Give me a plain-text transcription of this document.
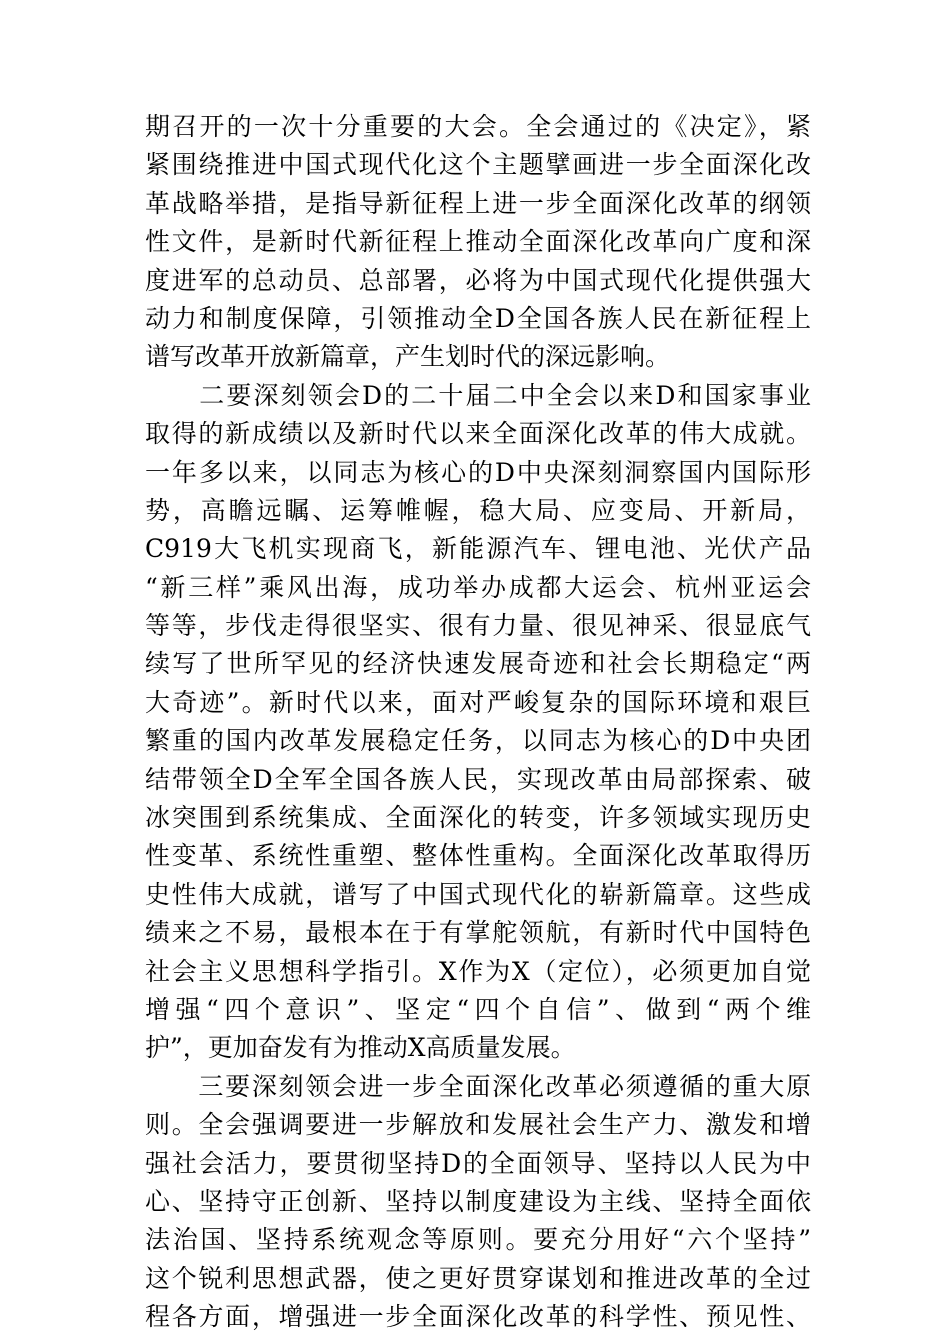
期召开的一次十分重要的大会。全会通过的《决定》，紧
紧围绕推进中国式现代化这个主题擘画进一步全面深化改
革战略举措，是指导新征程上进一步全面深化改革的纲领
性文件，是新时代新征程上推动全面深化改革向广度和深
度进军的总动员、总部署，必将为中国式现代化提供强大
动力和制度保障，引领推动全D全国各族人民在新征程上
谱写改革开放新篇章，产生划时代的深远影响。
　　二要深刻领会D的二十届二中全会以来D和国家事业
取得的新成绩以及新时代以来全面深化改革的伟大成就。
一年多以来，以同志为核心的D中央深刻洞察国内国际形
势，高瞻远瞩、运筹帷幄，稳大局、应变局、开新局，
C919大飞机实现商飞，新能源汽车、锂电池、光伏产品
“新三样”乘风出海，成功举办成都大运会、杭州亚运会
等等，步伐走得很坚实、很有力量、很见神采、很显底气
续写了世所罕见的经济快速发展奇迹和社会长期稳定“两
大奇迹”。新时代以来，面对严峻复杂的国际环境和艰巨
繁重的国内改革发展稳定任务，以同志为核心的D中央团
结带领全D全军全国各族人民，实现改革由局部探索、破
冰突围到系统集成、全面深化的转变，许多领域实现历史
性变革、系统性重塑、整体性重构。全面深化改革取得历
史性伟大成就，谱写了中国式现代化的崭新篇章。这些成
绩来之不易，最根本在于有掌舵领航，有新时代中国特色
社会主义思想科学指引。X作为X（定位），必须更加自觉
增强“四个意识”、坚定“四个自信”、做到“两个维
护”，更加奋发有为推动X高质量发展。
　　三要深刻领会进一步全面深化改革必须遵循的重大原
则。全会强调要进一步解放和发展社会生产力、激发和增
强社会活力，要贯彻坚持D的全面领导、坚持以人民为中
心、坚持守正创新、坚持以制度建设为主线、坚持全面依
法治国、坚持系统观念等原则。要充分用好“六个坚持”
这个锐利思想武器，使之更好贯穿谋划和推进改革的全过
程各方面，增强进一步全面深化改革的科学性、预见性、
